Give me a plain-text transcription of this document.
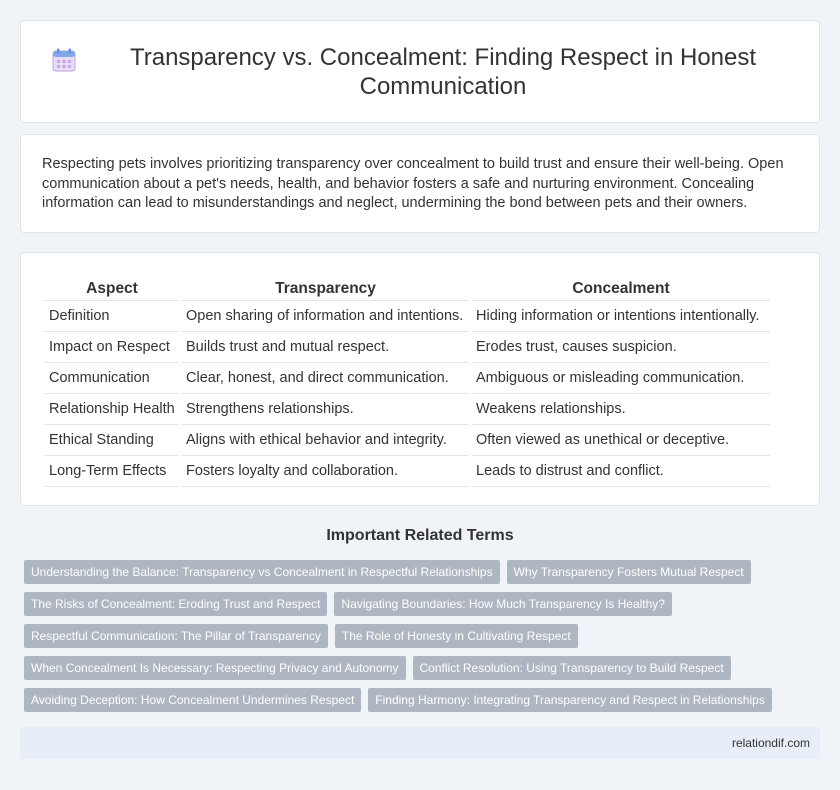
Transparency vs. Concealment: Finding Respect in Honest Communication

Respecting pets involves prioritizing transparency over concealment to build trust and ensure their well-being. Open communication about a pet's needs, health, and behavior fosters a safe and nurturing environment. Concealing information can lead to misunderstandings and neglect, undermining the bond between pets and their owners.

Aspect	Transparency	Concealment
Definition	Open sharing of information and intentions.	Hiding information or intentions intentionally.
Impact on Respect	Builds trust and mutual respect.	Erodes trust, causes suspicion.
Communication	Clear, honest, and direct communication.	Ambiguous or misleading communication.
Relationship Health	Strengthens relationships.	Weakens relationships.
Ethical Standing	Aligns with ethical behavior and integrity.	Often viewed as unethical or deceptive.
Long-Term Effects	Fosters loyalty and collaboration.	Leads to distrust and conflict.
Important Related Terms
Understanding the Balance: Transparency vs Concealment in Respectful Relationships	Why Transparency Fosters Mutual Respect
The Risks of Concealment: Eroding Trust and Respect	Navigating Boundaries: How Much Transparency Is Healthy?
Respectful Communication: The Pillar of Transparency	The Role of Honesty in Cultivating Respect
When Concealment Is Necessary: Respecting Privacy and Autonomy	Conflict Resolution: Using Transparency to Build Respect
Avoiding Deception: How Concealment Undermines Respect	Finding Harmony: Integrating Transparency and Respect in Relationships
relationdif.com
